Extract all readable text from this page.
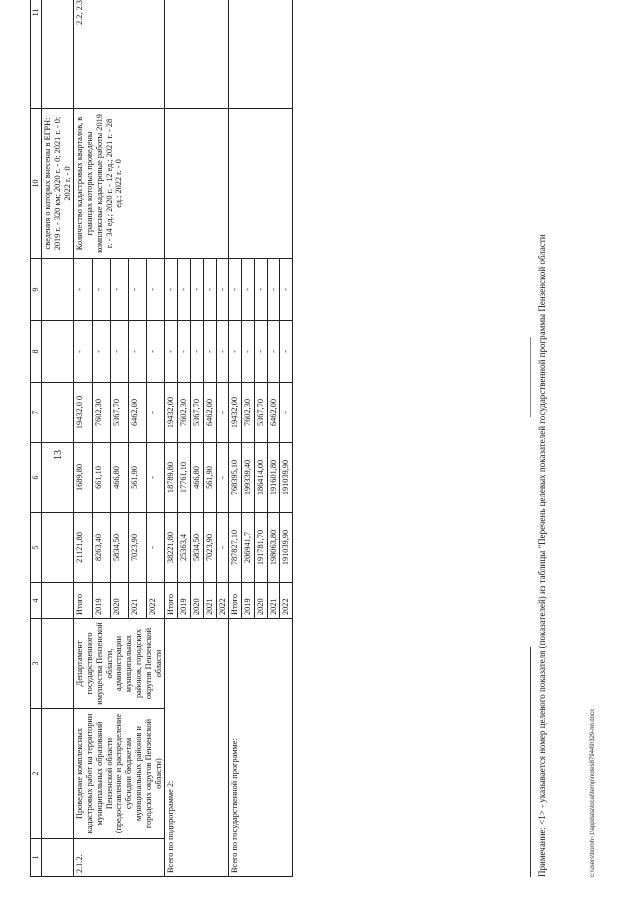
13
1	2	3	4	5	6	7	8	9	10	11
									сведения о которых внесены в ЕГРН: 2019 г. - 320 км; 2020 г. - 0; 2021 г. - 0; 2022 г. - 0	
2.1.2.	Проведение комплексных кадастровых работ на территории муниципальных образований Пензенской области (предоставление и распределение субсидии бюджетам муниципальных районов и городских округов Пензенской области)	Департамент государственного имущества Пензенской области, администрации муниципальных районов, городских округов Пензенской области	Итого	21121,80	1689,80	19432,0 0	-	-	Количество кадастровых кварталов, в границах которых проведены комплексные кадастровые работы 2019 г. - 34 ед.; 2020 г. - 12 ед.; 2021 г. - 28 ед.; 2022 г. - 0	2.2, 2.3
			2019	8263,40	661,10	7602,30	-	-		
			2020	5834,50	466,80	5367,70	-	-		
			2021	7023,90	561,90	6462,00	-	-		
			2022	-	-	-	-	-		
Всего по подпрограмме 2:			Итого	38221,80	18789,80	19432,00	-	-		
			2019	25363,4	17761,10	7602,30	-	-		
			2020	5834,50	466,80	5367,70	-	-		
			2021	7023,90	561,90	6462,00	-	-		
			2022	-	-	-	-	-		
Всего по государственной программе:			Итого	787827,10	768395,10	19432,00	-	-		
			2019	206941,7	199339,40	7602,30	-	-		
			2020	191781,70	186414,00	5367,70	-	-		
			2021	198063,80	191601,80	6462,00	-	-		
			2022	191039,90	191039,90	-	-	-			Примечание: <1> - указывается номер целевого показателя (показателей) из таблицы "Перечень целевых показателей государственной программы Пензенской области	c:\users\boroh~1\appdata\local\temp\notes879449\329-пп.docx
